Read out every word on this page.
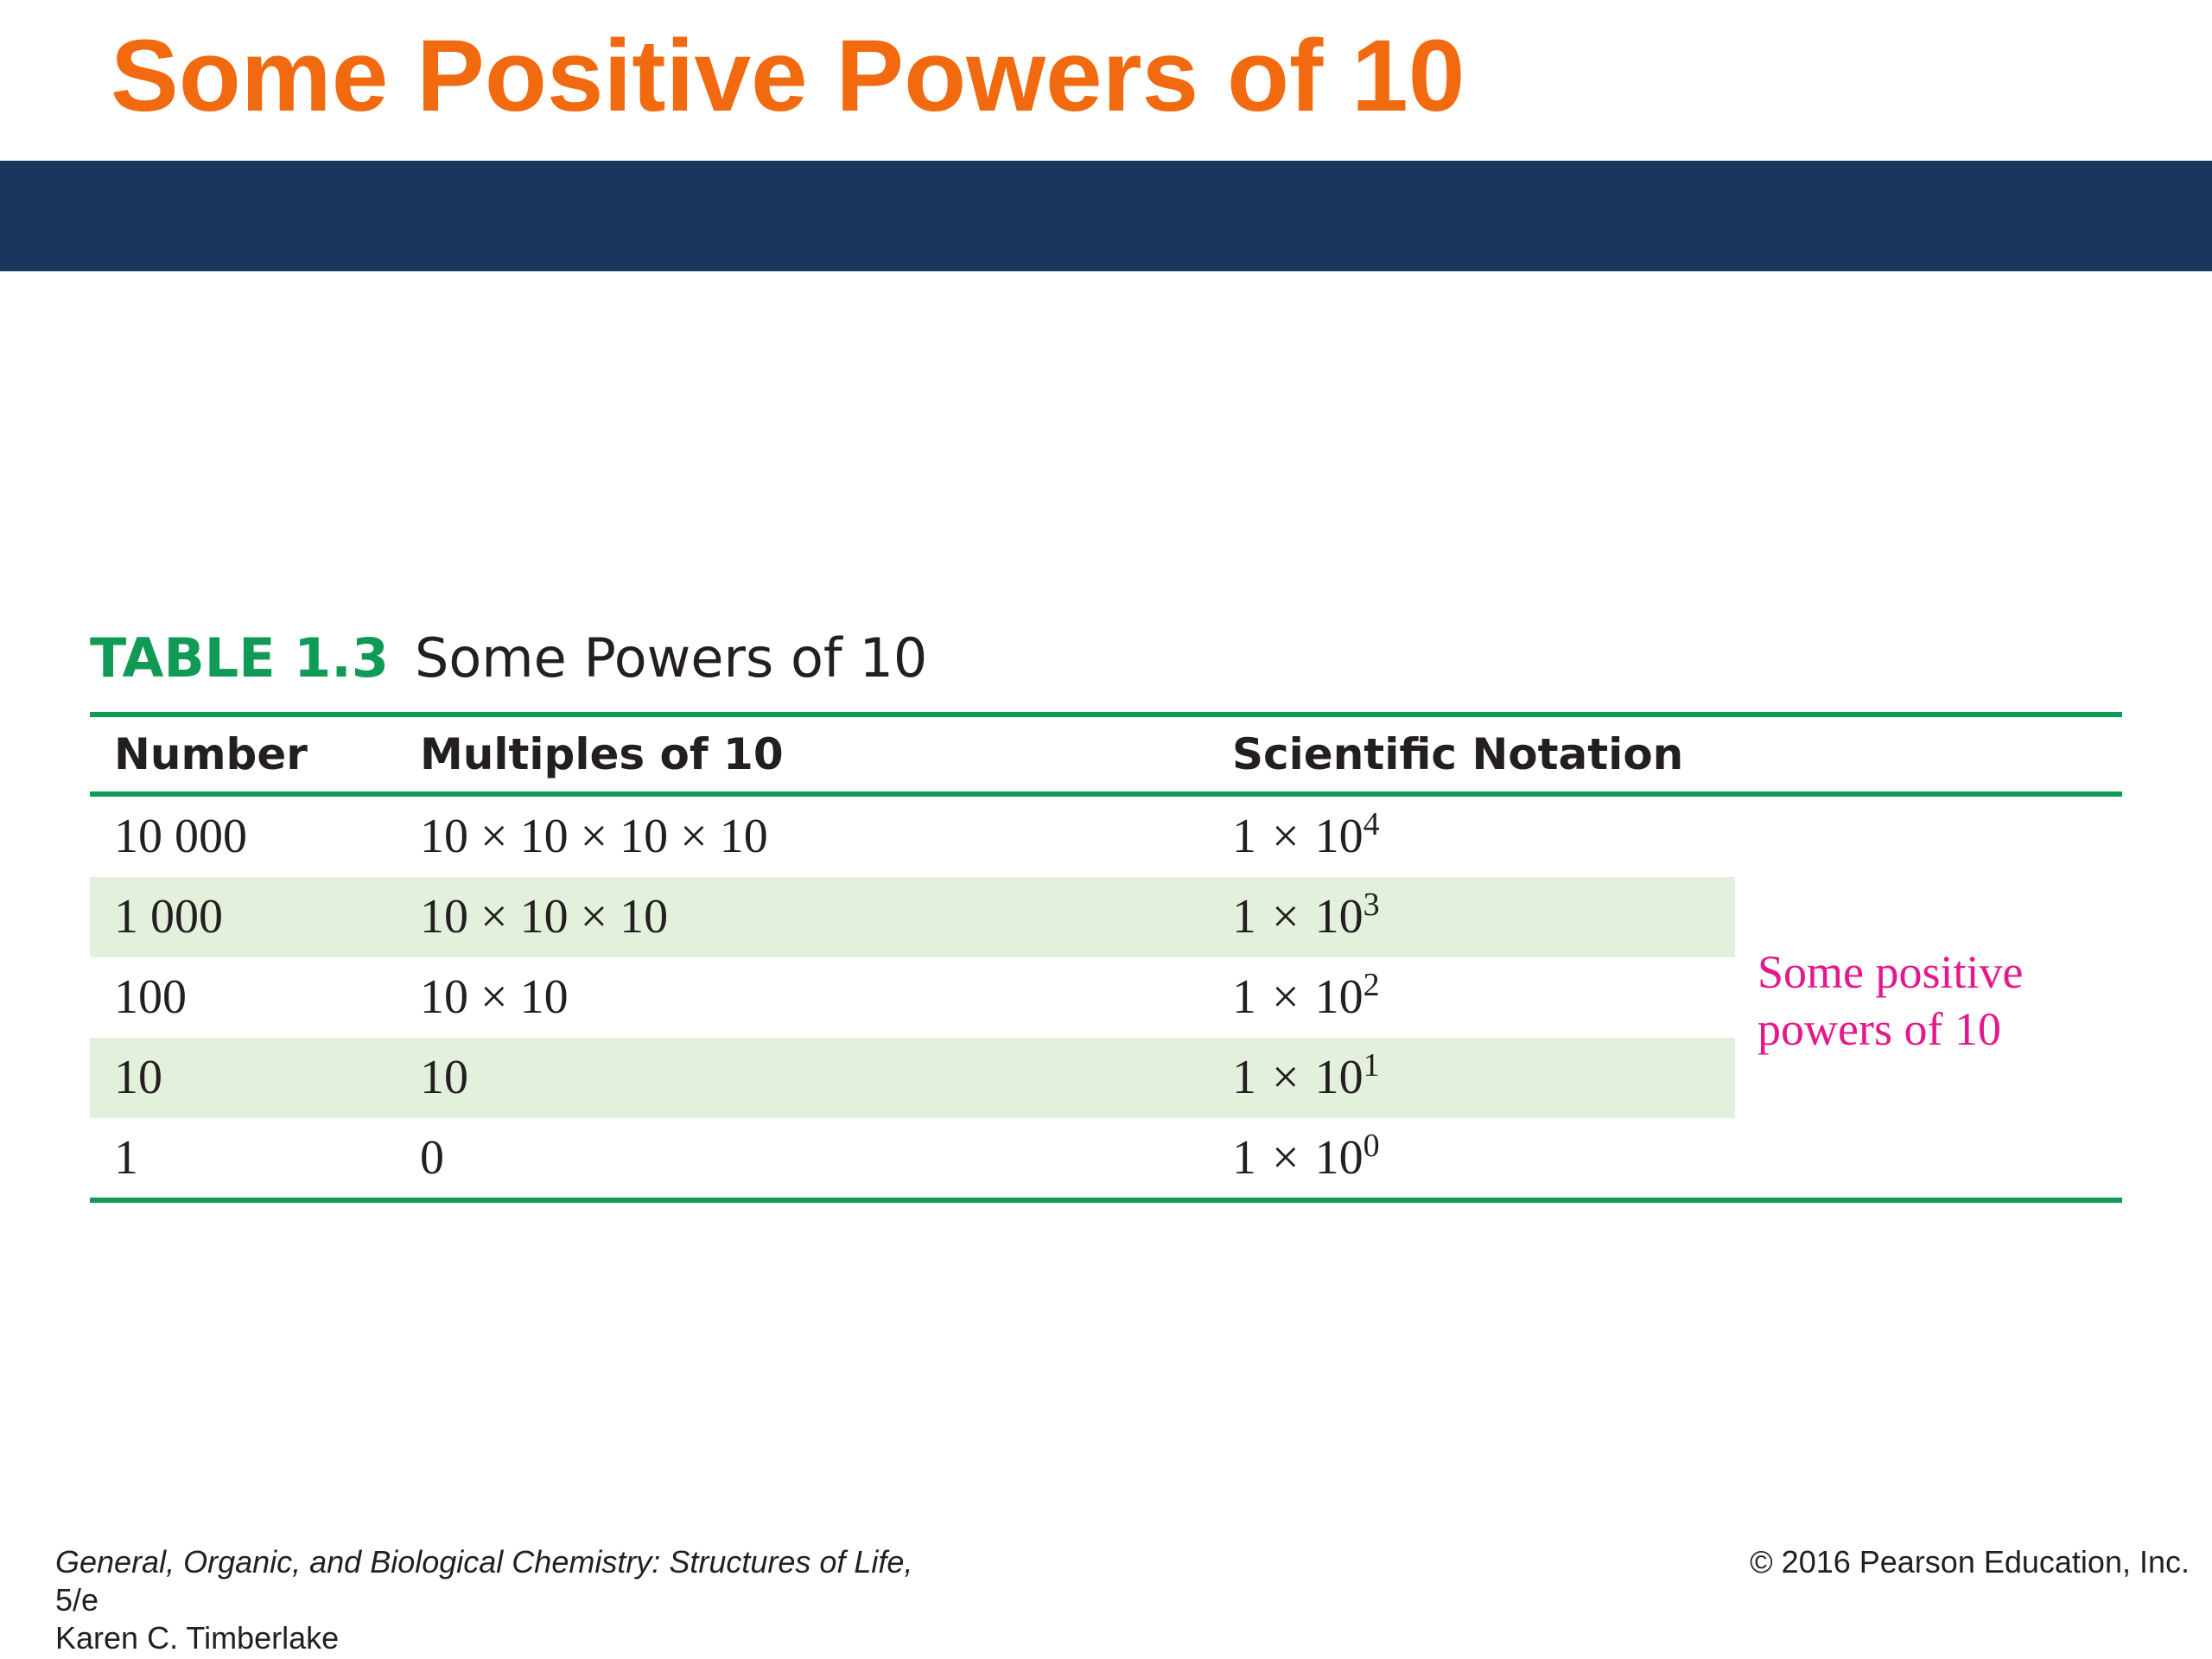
Some Positive Powers of 10
TABLE 1.3 Some Powers of 10
Number	Multiples of 10	Scientific Notation
10 000	10 × 10 × 10 × 10	$1 \times 10^4$
1 000	10 × 10 × 10	$1 \times 10^3$
100	10 × 10	$1 \times 10^2$
10	10	$1 \times 10^1$
1	0	$1 \times 10^0$
Some positive
powers of 10
General, Organic, and Biological Chemistry: Structures of Life,
5/e
Karen C. Timberlake
© 2016 Pearson Education, Inc.
